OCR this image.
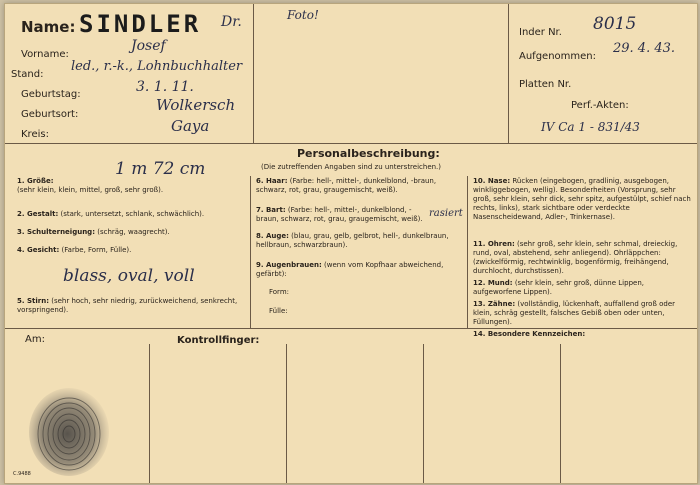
Name: SINDLER Dr.
Vorname:
Josef
Stand:
led., r.-k., Lohnbuchhalter
Geburtstag:	3. 1. 11.
Geburtsort:
Wolkersch
Kreis:	Gaya
Foto!
Inder Nr. 8015
Aufgenommen:
29. 4. 43.
Platten Nr.
Perf.-Akten:
IV Ca 1 - 831/43
Personalbeschreibung:
(Die zutreffenden Angaben sind zu unterstreichen.)
1. Größe:
1 m 72 cm

(sehr klein, klein, mittel, groß, sehr groß).
2. Gestalt: (stark, untersetzt, schlank, schwächlich).
3. Schulterneigung: (schräg, waagrecht).
4. Gesicht: (Farbe, Form, Fülle).
blass, oval, voll
5. Stirn: (sehr hoch, sehr niedrig, zurückweichend, senkrecht, vorspringend).
6. Haar: (Farbe: hell-, mittel-, dunkelblond, -braun, schwarz, rot, grau, graugemischt, weiß).
7. Bart: (Farbe: hell-, mittel-, dunkelblond, -braun, schwarz, rot, grau, graugemischt, weiß). rasiert
8. Auge: (blau, grau, gelb, gelbrot, hell-, dunkelbraun, hellbraun, schwarzbraun).
9. Augenbrauen: (wenn vom Kopfhaar abweichend, gefärbt):
Form:
Fülle:
10. Nase: Rücken (eingebogen, gradlinig, ausgebogen, winkliggebogen, wellig). Besonderheiten (Vorsprung, sehr groß, sehr klein, sehr dick, sehr spitz, aufgestülpt, schief nach rechts, links), stark sichtbare oder verdeckte Nasenscheidewand, Adler-, Trinkernase).
11. Ohren: (sehr groß, sehr klein, sehr schmal, dreieckig, rund, oval, abstehend, sehr anliegend). Ohrläppchen: (zwickelförmig, rechtwinklig, bogenförmig, freihängend, durchlocht, durchstissen).
12. Mund: (sehr klein, sehr groß, dünne Lippen, aufgeworfene Lippen).
13. Zähne: (vollständig, lückenhaft, auffallend groß oder klein, schräg gestellt, falsches Gebiß oben oder unten, Füllungen).
14. Besondere Kennzeichen:
Am:	Kontrollfinger:
C.9488
